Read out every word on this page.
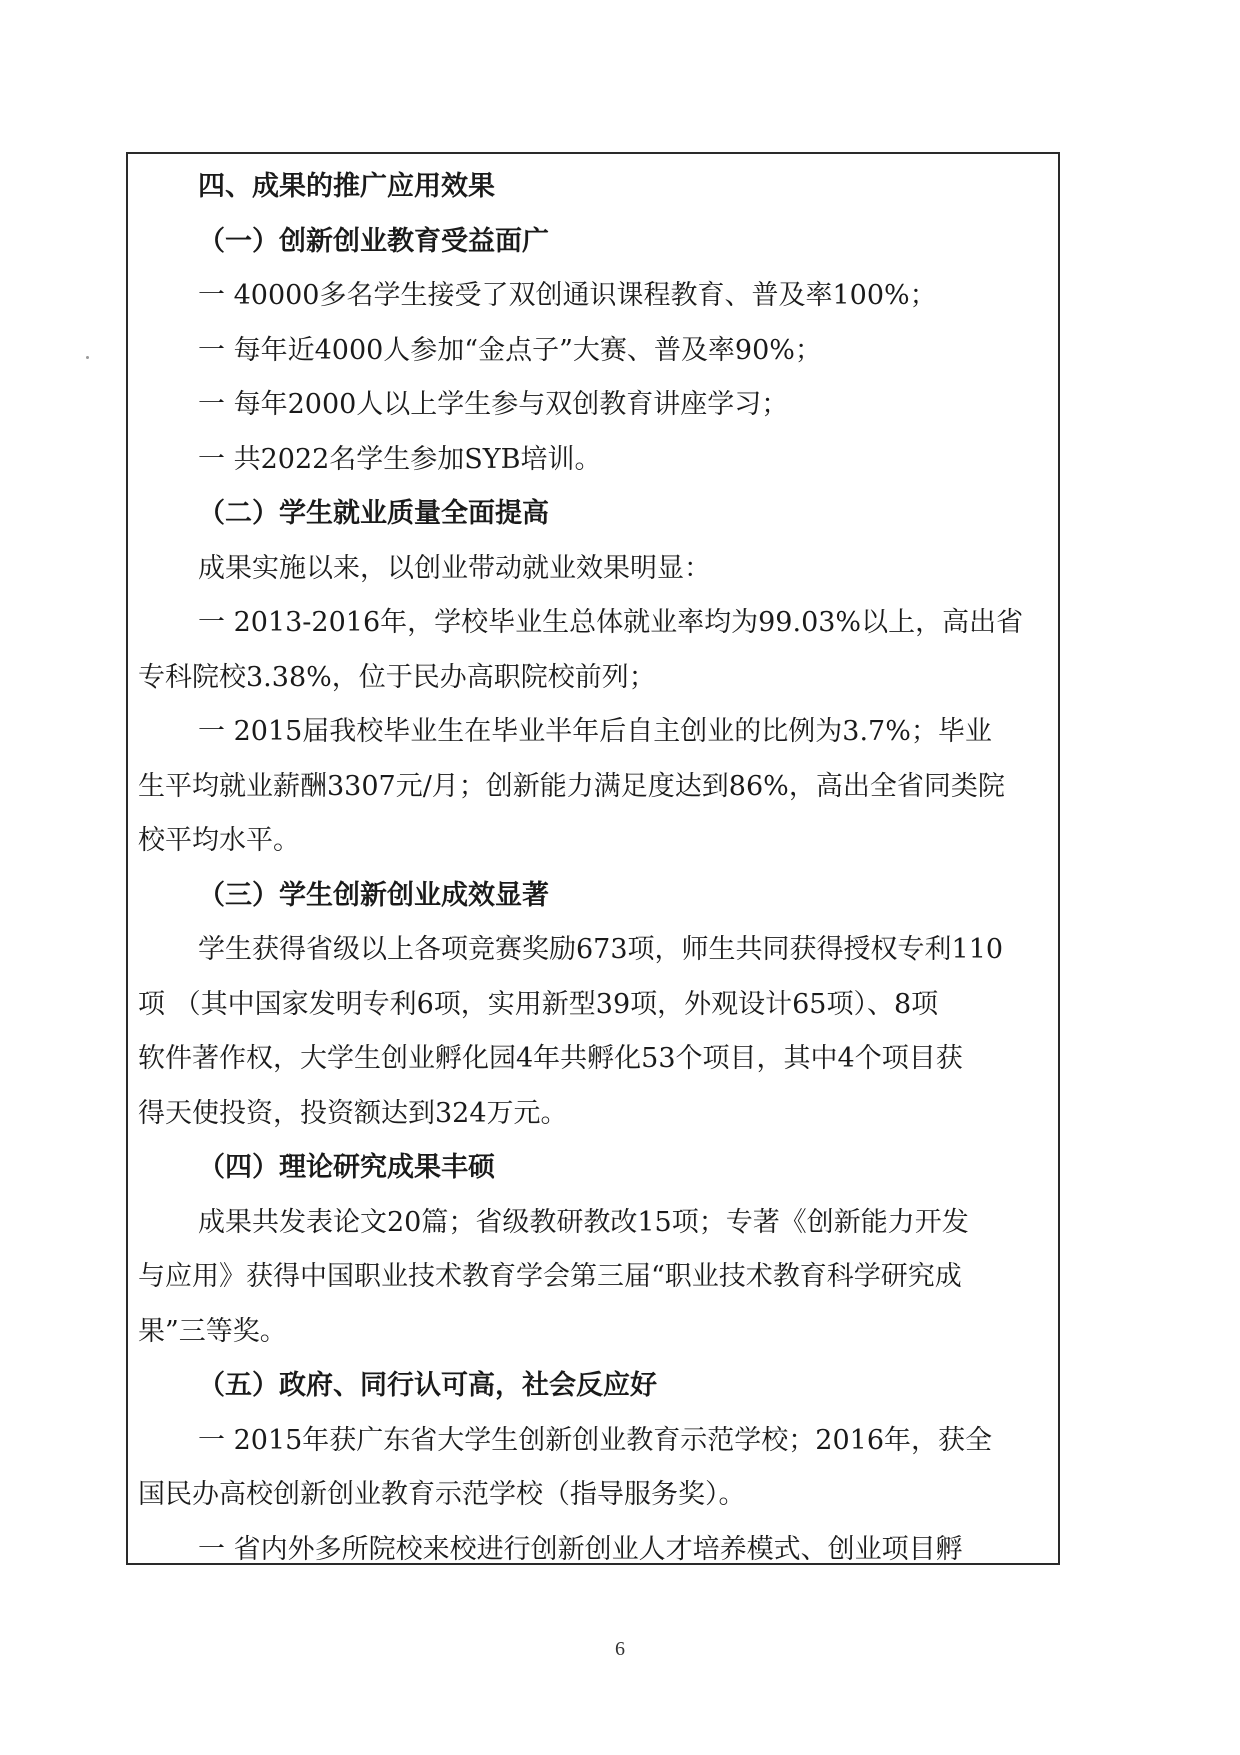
四、成果的推广应用效果
（一）创新创业教育受益面广
一 40000多名学生接受了双创通识课程教育、普及率100%；
一 每年近4000人参加“金点子”大赛、普及率90%；
一 每年2000人以上学生参与双创教育讲座学习；
一 共2022名学生参加SYB培训。
（二）学生就业质量全面提高
成果实施以来，以创业带动就业效果明显：
一 2013-2016年，学校毕业生总体就业率均为99.03%以上，高出省
专科院校3.38%，位于民办高职院校前列；
一 2015届我校毕业生在毕业半年后自主创业的比例为3.7%；毕业
生平均就业薪酬3307元/月；创新能力满足度达到86%，高出全省同类院
校平均水平。
（三）学生创新创业成效显著
学生获得省级以上各项竞赛奖励673项，师生共同获得授权专利110
项 （其中国家发明专利6项，实用新型39项，外观设计65项）、8项
软件著作权，大学生创业孵化园4年共孵化53个项目，其中4个项目获
得天使投资，投资额达到324万元。
（四）理论研究成果丰硕
成果共发表论文20篇；省级教研教改15项；专著《创新能力开发
与应用》获得中国职业技术教育学会第三届“职业技术教育科学研究成
果”三等奖。
（五）政府、同行认可高，社会反应好
一 2015年获广东省大学生创新创业教育示范学校；2016年，获全
国民办高校创新创业教育示范学校（指导服务奖）。
一 省内外多所院校来校进行创新创业人才培养模式、创业项目孵
6
